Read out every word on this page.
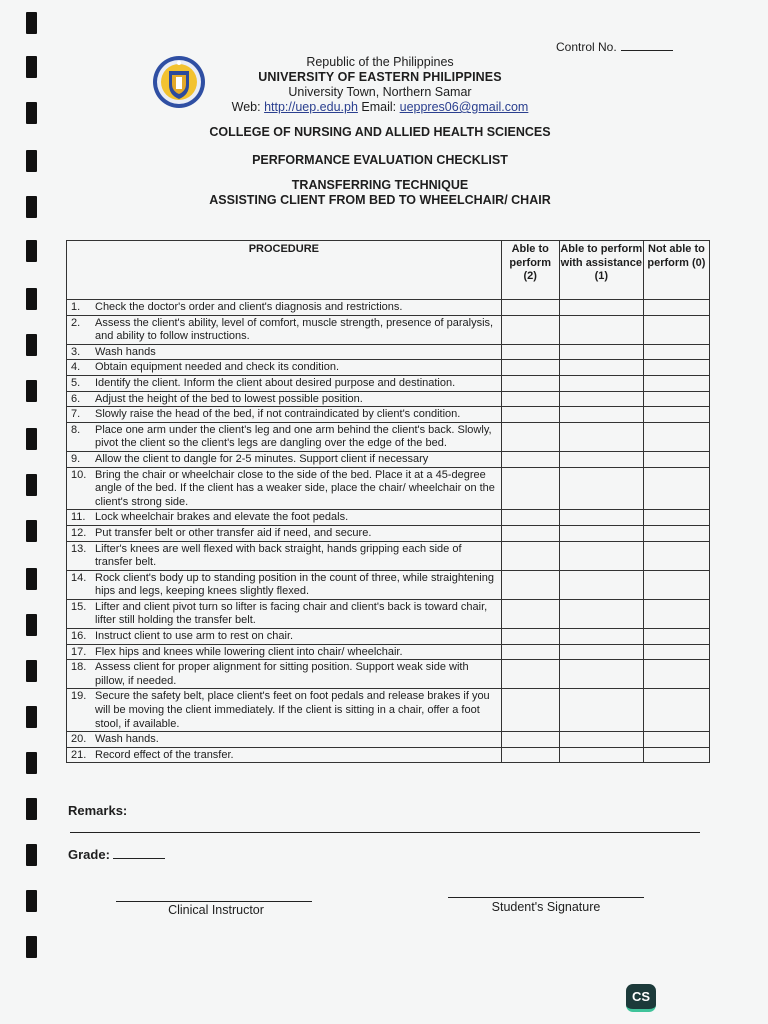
Control No.
Republic of the Philippines
UNIVERSITY OF EASTERN PHILIPPINES
University Town, Northern Samar
Web: http://uep.edu.ph Email: ueppres06@gmail.com
COLLEGE OF NURSING AND ALLIED HEALTH SCIENCES
PERFORMANCE EVALUATION CHECKLIST
TRANSFERRING TECHNIQUE
ASSISTING CLIENT FROM BED TO WHEELCHAIR/ CHAIR
PROCEDURE	Able to perform (2)	Able to perform with assistance (1)	Not able to perform (0)

1. Check the doctor's order and client's diagnosis and restrictions.			

2. Assess the client's ability, level of comfort, muscle strength, presence of paralysis, and ability to follow instructions.			

3. Wash hands			

4. Obtain equipment needed and check its condition.			

5. Identify the client. Inform the client about desired purpose and destination.			

6. Adjust the height of the bed to lowest possible position.			

7. Slowly raise the head of the bed, if not contraindicated by client's condition.			

8. Place one arm under the client's leg and one arm behind the client's back. Slowly, pivot the client so the client's legs are dangling over the edge of the bed.			

9. Allow the client to dangle for 2-5 minutes. Support client if necessary			

10. Bring the chair or wheelchair close to the side of the bed. Place it at a 45-degree angle of the bed. If the client has a weaker side, place the chair/ wheelchair on the client's strong side.			

11. Lock wheelchair brakes and elevate the foot pedals.			

12. Put transfer belt or other transfer aid if need, and secure.			

13. Lifter's knees are well flexed with back straight, hands gripping each side of transfer belt.			

14. Rock client's body up to standing position in the count of three, while straightening hips and legs, keeping knees slightly flexed.			

15. Lifter and client pivot turn so lifter is facing chair and client's back is toward chair, lifter still holding the transfer belt.			

16. Instruct client to use arm to rest on chair.			

17. Flex hips and knees while lowering client into chair/ wheelchair.			

18. Assess client for proper alignment for sitting position. Support weak side with pillow, if needed.			

19. Secure the safety belt, place client's feet on foot pedals and release brakes if you will be moving the client immediately. If the client is sitting in a chair, offer a foot stool, if available.			

20. Wash hands.			

21. Record effect of the transfer.			

Remarks:
Grade:
Clinical Instructor	Student's Signature
CS
